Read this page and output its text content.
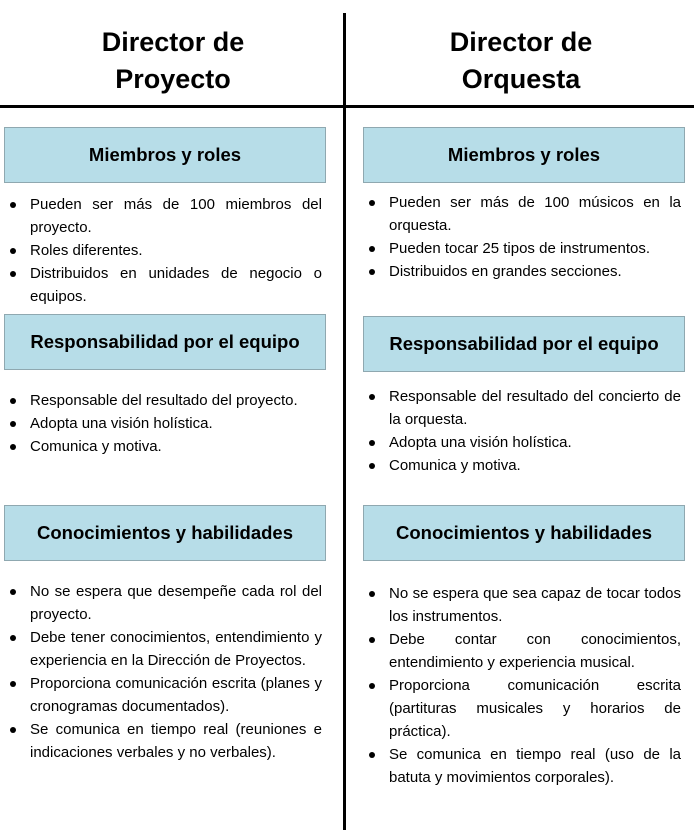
Director de
Proyecto
Director de
Orquesta
Miembros y roles
Pueden ser más de 100 miembros del proyecto.
Roles diferentes.
Distribuidos en unidades de negocio o equipos.
Responsabilidad por el equipo
Responsable del resultado del proyecto.
Adopta una visión holística.
Comunica y motiva.
Conocimientos y habilidades
No se espera que desempeñe cada rol del proyecto.
Debe tener conocimientos, entendimiento y experiencia en la Dirección de Proyectos.
Proporciona comunicación escrita (planes y cronogramas documentados).
Se comunica en tiempo real (reuniones e indicaciones verbales y no verbales).
Miembros y roles
Pueden ser más de 100 músicos en la orquesta.
Pueden tocar 25 tipos de instrumentos.
Distribuidos en grandes secciones.
Responsabilidad por el equipo
Responsable del resultado del concierto de la orquesta.
Adopta una visión holística.
Comunica y motiva.
Conocimientos y habilidades
No se espera que sea capaz de tocar todos los instrumentos.
Debe contar con conocimientos, entendimiento y experiencia musical.
Proporciona comunicación escrita (partituras musicales y horarios de práctica).
Se comunica en tiempo real (uso de la batuta y movimientos corporales).
